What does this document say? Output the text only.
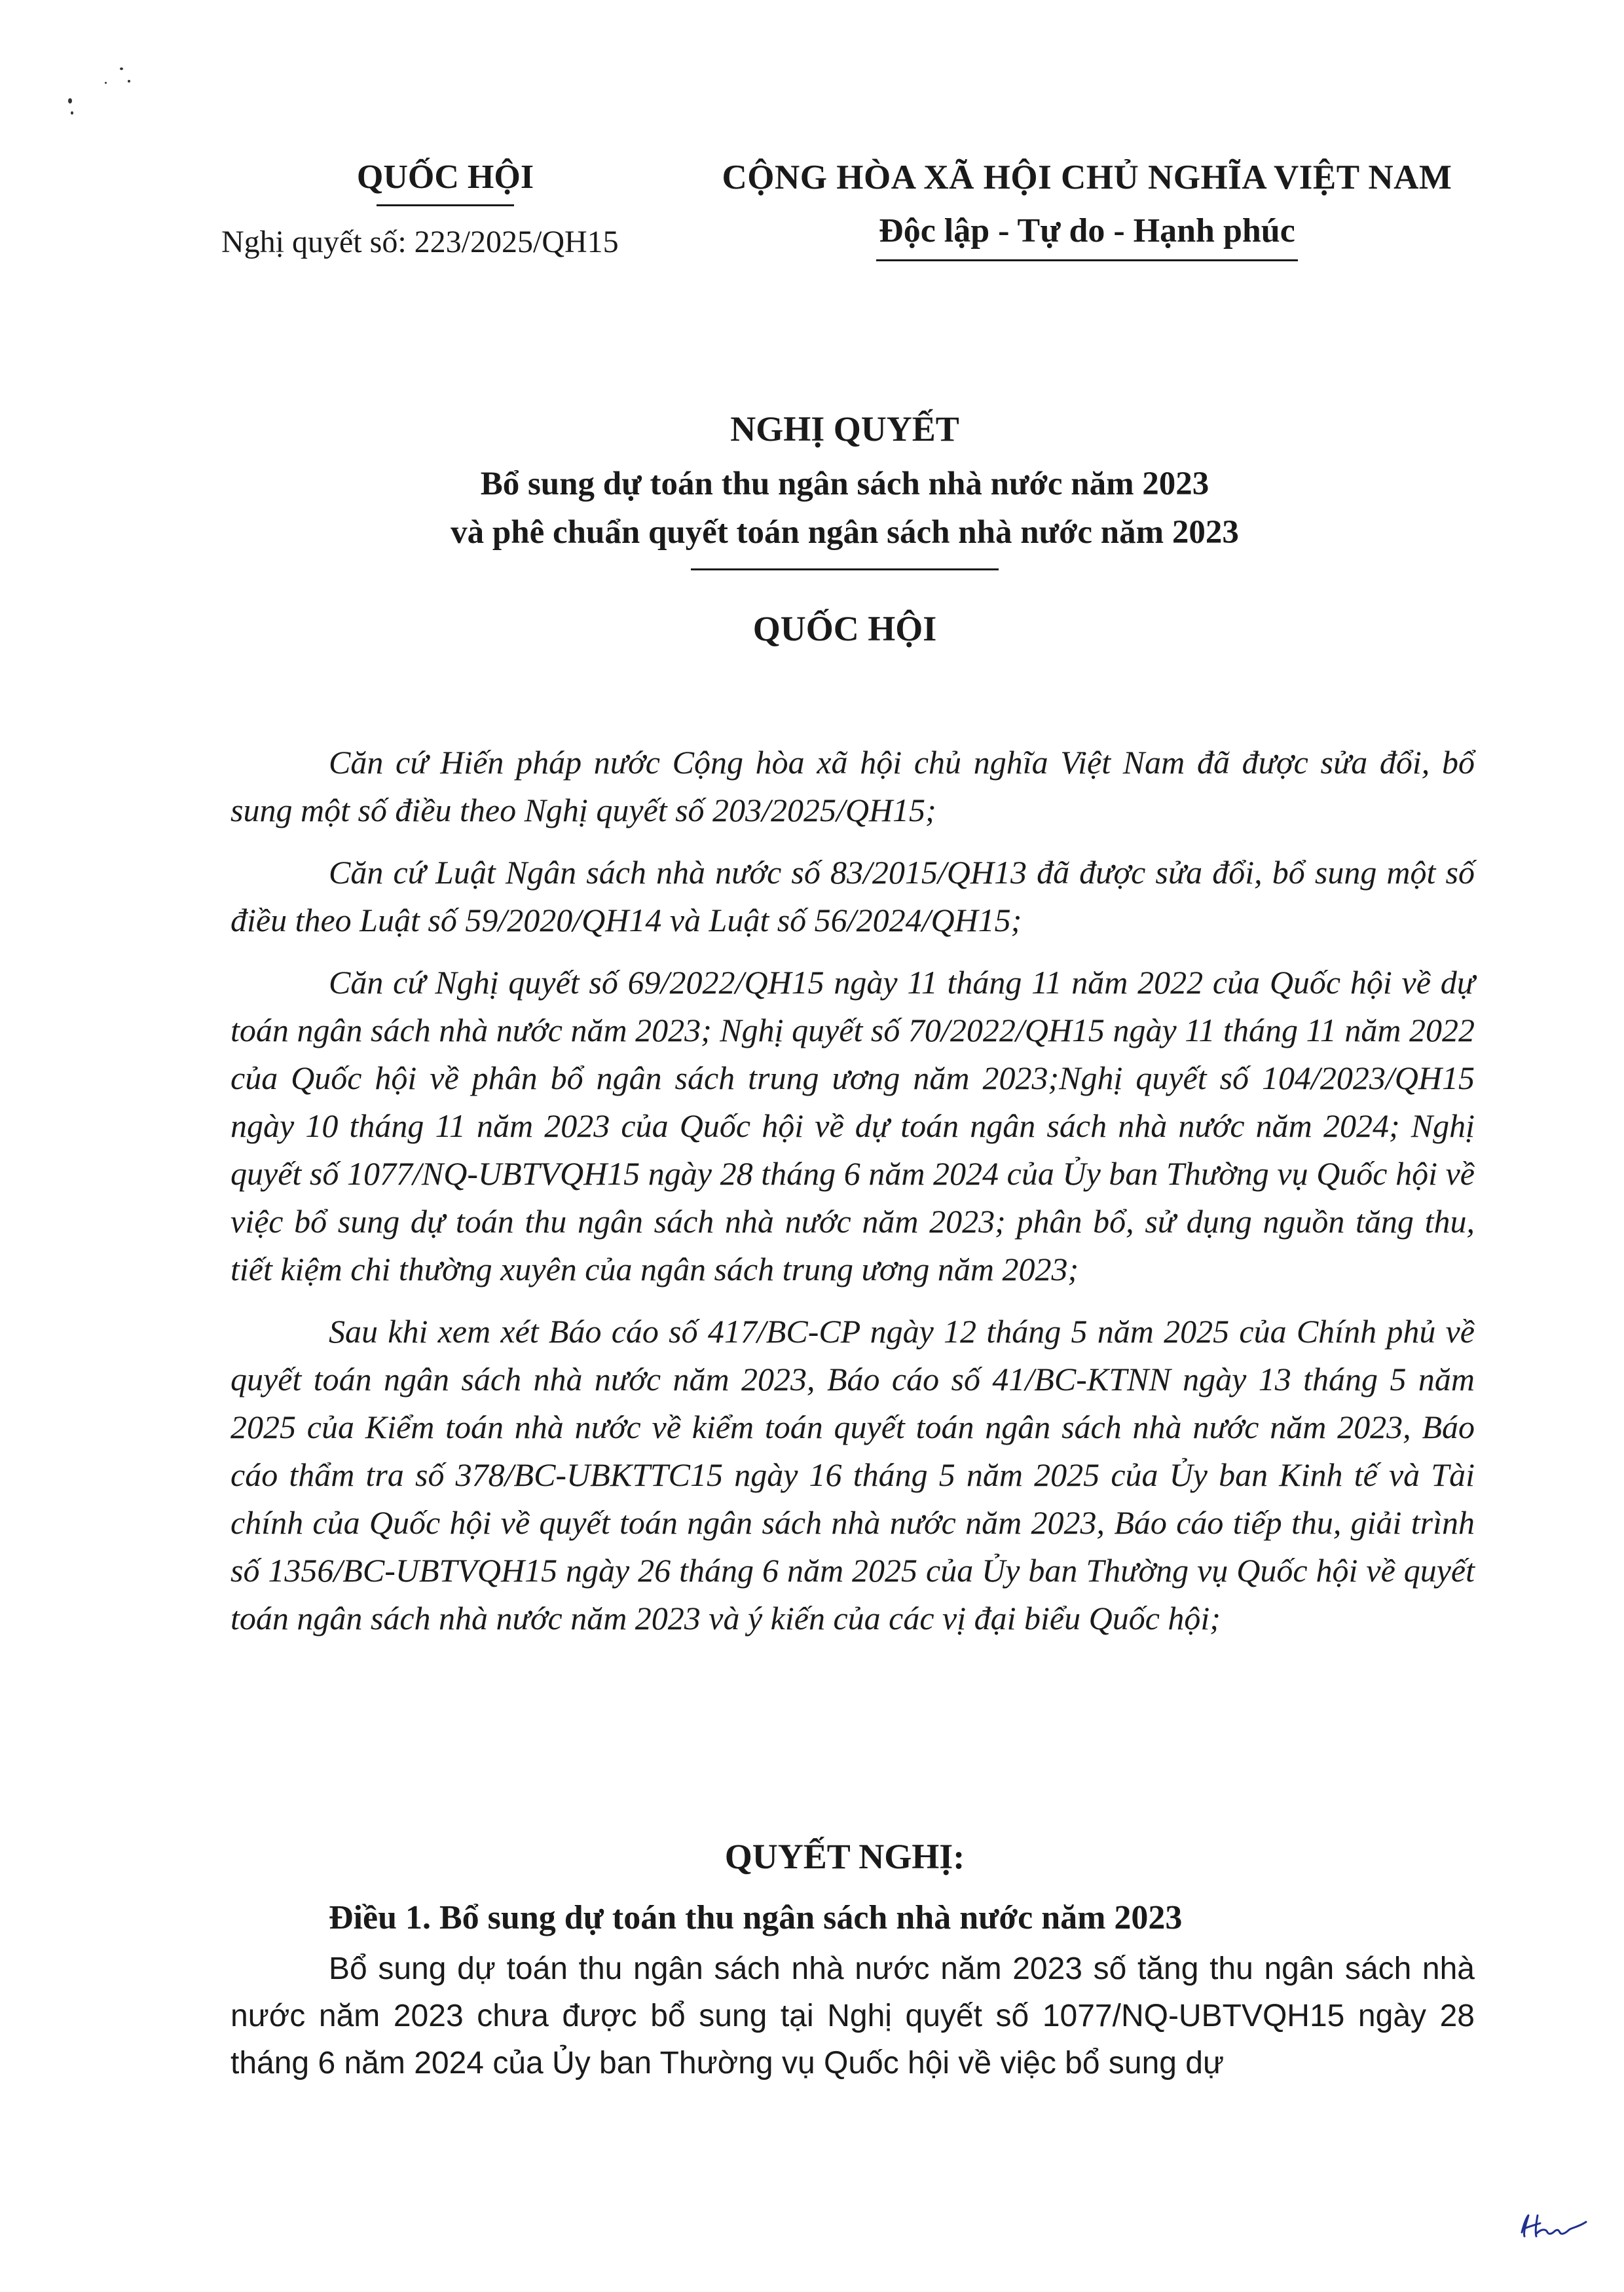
QUỐC HỘI
Nghị quyết số: 223/2025/QH15
CỘNG HÒA XÃ HỘI CHỦ NGHĨA VIỆT NAM
Độc lập - Tự do - Hạnh phúc
NGHỊ QUYẾT
Bổ sung dự toán thu ngân sách nhà nước năm 2023
và phê chuẩn quyết toán ngân sách nhà nước năm 2023
QUỐC HỘI

Căn cứ Hiến pháp nước Cộng hòa xã hội chủ nghĩa Việt Nam đã được sửa đổi, bổ sung một số điều theo Nghị quyết số 203/2025/QH15;

Căn cứ Luật Ngân sách nhà nước số 83/2015/QH13 đã được sửa đổi, bổ sung một số điều theo Luật số 59/2020/QH14 và Luật số 56/2024/QH15;

Căn cứ Nghị quyết số 69/2022/QH15 ngày 11 tháng 11 năm 2022 của Quốc hội về dự toán ngân sách nhà nước năm 2023; Nghị quyết số 70/2022/QH15 ngày 11 tháng 11 năm 2022 của Quốc hội về phân bổ ngân sách trung ương năm 2023;Nghị quyết số 104/2023/QH15 ngày 10 tháng 11 năm 2023 của Quốc hội về dự toán ngân sách nhà nước năm 2024; Nghị quyết số 1077/NQ-UBTVQH15 ngày 28 tháng 6 năm 2024 của Ủy ban Thường vụ Quốc hội về việc bổ sung dự toán thu ngân sách nhà nước năm 2023; phân bổ, sử dụng nguồn tăng thu, tiết kiệm chi thường xuyên của ngân sách trung ương năm 2023;

Sau khi xem xét Báo cáo số 417/BC-CP ngày 12 tháng 5 năm 2025 của Chính phủ về quyết toán ngân sách nhà nước năm 2023, Báo cáo số 41/BC-KTNN ngày 13 tháng 5 năm 2025 của Kiểm toán nhà nước về kiểm toán quyết toán ngân sách nhà nước năm 2023, Báo cáo thẩm tra số 378/BC-UBKTTC15 ngày 16 tháng 5 năm 2025 của Ủy ban Kinh tế và Tài chính của Quốc hội về quyết toán ngân sách nhà nước năm 2023, Báo cáo tiếp thu, giải trình số 1356/BC-UBTVQH15 ngày 26 tháng 6 năm 2025 của Ủy ban Thường vụ Quốc hội về quyết toán ngân sách nhà nước năm 2023 và ý kiến của các vị đại biểu Quốc hội;

QUYẾT NGHỊ:
Điều 1. Bổ sung dự toán thu ngân sách nhà nước năm 2023

Bổ sung dự toán thu ngân sách nhà nước năm 2023 số tăng thu ngân sách nhà nước năm 2023 chưa được bổ sung tại Nghị quyết số 1077/NQ-UBTVQH15 ngày 28 tháng 6 năm 2024 của Ủy ban Thường vụ Quốc hội về việc bổ sung dự
